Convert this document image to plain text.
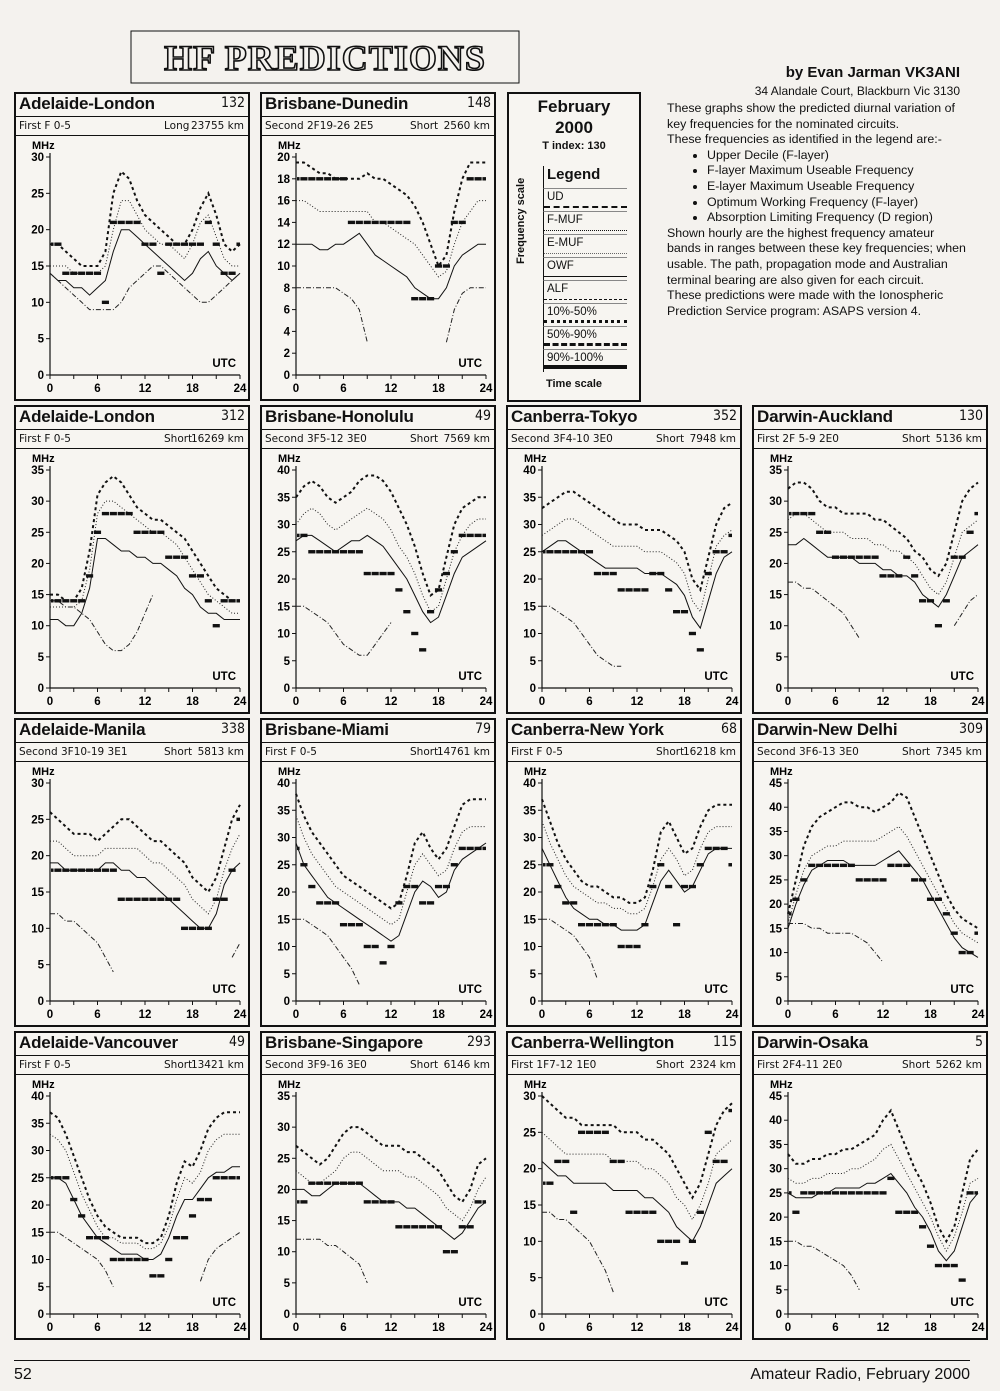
HF PREDICTIONS	by Evan Jarman VK3ANI
34 Alandale Court, Blackburn Vic 3130

These graphs show the predicted diurnal variation of key frequencies for the nominated circuits.

These frequencies as identified in the legend are:-

• Upper Decile (F-layer)
• F-layer Maximum Useable Frequency
• E-layer Maximum Useable Frequency
• Optimum Working Frequency (F-layer)
• Absorption Limiting Frequency (D region)

Shown hourly are the highest frequency amateur bands in ranges between these key frequencies; when usable. The path, propagation mode and Australian terminal bearing are also given for each circuit.

These predictions were made with the Ionospheric Prediction Service program: ASAPS version 4.

February
2000
T index: 130
Legend
UD
F-MUF
E-MUF
OWF
ALF
10%-50%
50%-90%
90%-100%
Frequency scale
Time scale
Adelaide-London	132
First F 0-5	Long 23755 km
MHz
0
5
10
15
20
25
30
0	6	12	18	24
UTC
Brisbane-Dunedin	148
Second 2F19-26 2E5	Short 2560 km
MHz
0
2
4
6
8
10
12
14
16
18
20
0	6	12	18	24
UTC
Adelaide-London	312
First F 0-5	Short
16269 km
MHz
0
5
10
15
20
25
30
35
0	6	12	18	24
UTC
Brisbane-Honolulu	49
Second 3F5-12 3E0	Short 7569 km
MHz
0
5
10
15
20
25
30
35
40
0	6	12	18	24
UTC
Canberra-Tokyo	352
Second 3F4-10 3E0	Short 7948 km
MHz
0
5
10
15
20
25
30
35
40
0	6	12	18	24
UTC
Darwin-Auckland	130
First 2F 5-9 2E0	Short 5136 km
MHz
0
5
10
15
20
25
30
35
0	6	12	18	24
UTC
Adelaide-Manila	338
Second 3F10-19 3E1	Short 5813 km
MHz
0
5
10
15
20
25
30
0	6	12	18	24
UTC
Brisbane-Miami	79
First F 0-5	Short
14761 km
MHz
0
5
10
15
20
25
30
35
40
0	6	12	18	24
UTC
Canberra-New York	68
First F 0-5	Short
16218 km
MHz
0
5
10
15
20
25
30
35
40
0	6	12	18	24
UTC
Darwin-New Delhi	309
Second 3F6-13 3E0	Short 7345 km
MHz
0
5
10
15
20
25
30
35
40
45
0	6	12	18	24
UTC
Adelaide-Vancouver	49
First F 0-5	Short
13421 km
MHz
0
5
10
15
20
25
30
35
40
0	6	12	18	24
UTC
Brisbane-Singapore	293
Second 3F9-16 3E0	Short 6146 km
MHz
0
5
10
15
20
25
30
35
0	6	12	18	24
UTC
Canberra-Wellington	115
First 1F7-12 1E0	Short 2324 km
MHz
0
5
10
15
20
25
30
0	6	12	18	24
UTC
Darwin-Osaka	5
First 2F4-11 2E0	Short 5262 km
MHz
0
5
10
15
20
25
30
35
40
45
0	6	12	18	24
UTC
52	Amateur Radio, February 2000
